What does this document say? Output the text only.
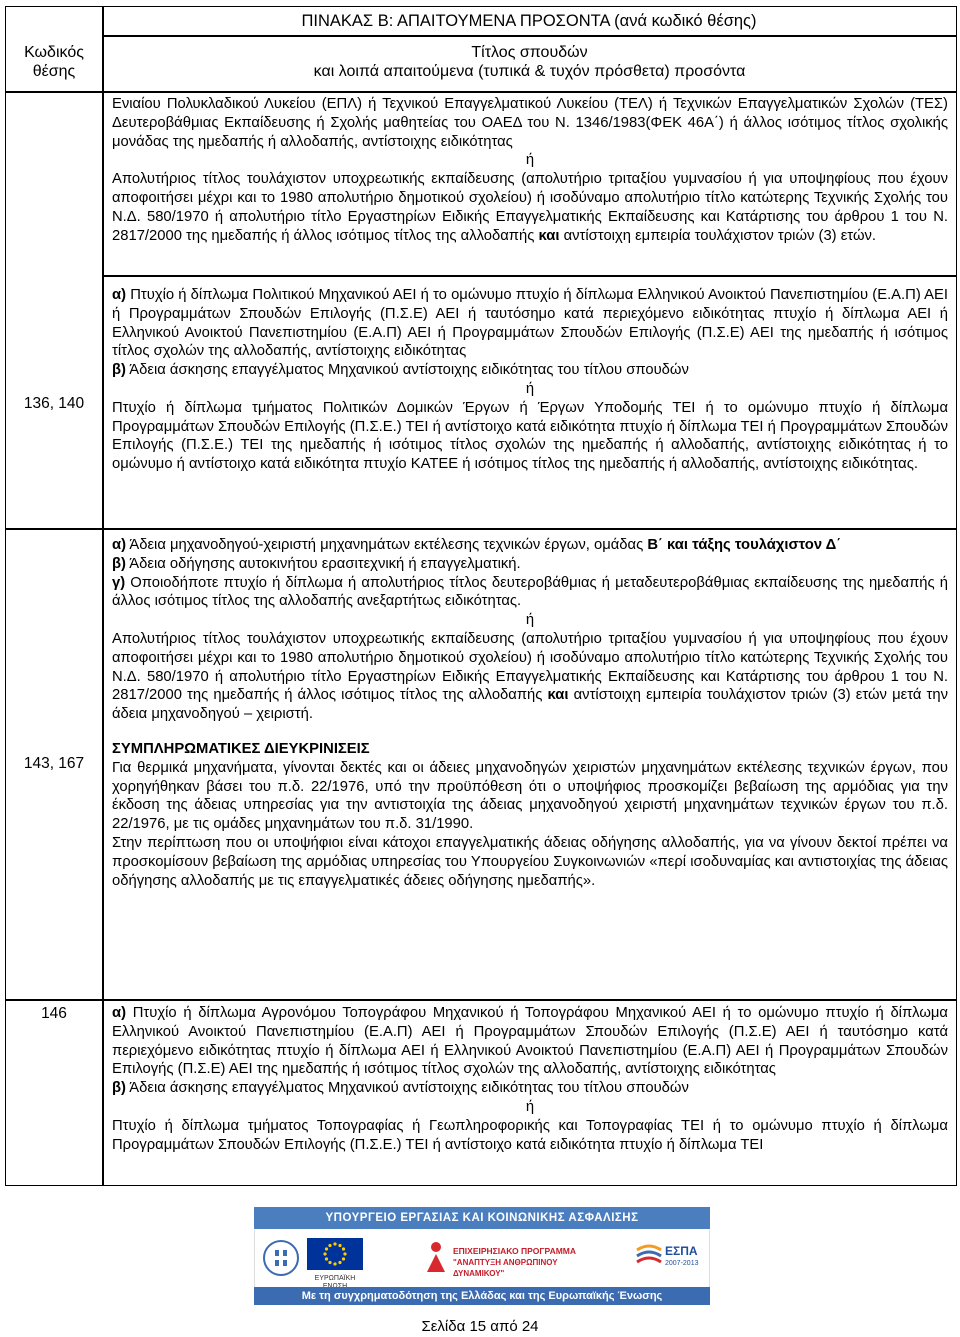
ΠΙΝΑΚΑΣ Β: ΑΠΑΙΤΟΥΜΕΝΑ ΠΡΟΣΟΝΤΑ (ανά κωδικό θέσης)
Κωδικός
θέσης
Τίτλος σπουδών
και λοιπά απαιτούμενα (τυπικά & τυχόν πρόσθετα) προσόντα

Ενιαίου Πολυκλαδικού Λυκείου (ΕΠΛ) ή Τεχνικού Επαγγελματικού Λυκείου (ΤΕΛ) ή Τεχνικών Επαγγελματικών Σχολών (ΤΕΣ) Δευτεροβάθμιας Εκπαίδευσης ή Σχολής μαθητείας του ΟΑΕΔ του Ν. 1346/1983(ΦΕΚ 46Α΄) ή άλλος ισότιμος τίτλος σχολικής μονάδας της ημεδαπής ή αλλοδαπής, αντίστοιχης ειδικότητας

ή

Απολυτήριος τίτλος τουλάχιστον υποχρεωτικής εκπαίδευσης (απολυτήριο τριταξίου γυμνασίου ή για υποψηφίους που έχουν αποφοιτήσει μέχρι και το 1980 απολυτήριο δημοτικού σχολείου) ή ισοδύναμο απολυτήριο τίτλο κατώτερης Τεχνικής Σχολής του Ν.Δ. 580/1970 ή απολυτήριο τίτλο Εργαστηρίων Ειδικής Επαγγελματικής Εκπαίδευσης και Κατάρτισης του άρθρου 1 του Ν. 2817/2000 της ημεδαπής ή άλλος ισότιμος τίτλος της αλλοδαπής και αντίστοιχη εμπειρία τουλάχιστον τριών (3) ετών.

136, 140

α) Πτυχίο ή δίπλωμα Πολιτικού Μηχανικού ΑΕΙ ή το ομώνυμο πτυχίο ή δίπλωμα Ελληνικού Ανοικτού Πανεπιστημίου (Ε.Α.Π) ΑΕΙ ή Προγραμμάτων Σπουδών Επιλογής (Π.Σ.Ε) ΑΕΙ ή ταυτόσημο κατά περιεχόμενο ειδικότητας πτυχίο ή δίπλωμα ΑΕΙ ή Ελληνικού Ανοικτού Πανεπιστημίου (Ε.Α.Π) ΑΕΙ ή Προγραμμάτων Σπουδών Επιλογής (Π.Σ.Ε) ΑΕΙ της ημεδαπής ή ισότιμος τίτλος σχολών της αλλοδαπής, αντίστοιχης ειδικότητας

β) Άδεια άσκησης επαγγέλματος Μηχανικού αντίστοιχης ειδικότητας του τίτλου σπουδών

ή

Πτυχίο ή δίπλωμα τμήματος Πολιτικών Δομικών Έργων ή Έργων Υποδομής ΤΕΙ ή το ομώνυμο πτυχίο ή δίπλωμα Προγραμμάτων Σπουδών Επιλογής (Π.Σ.Ε.) ΤΕΙ ή αντίστοιχο κατά ειδικότητα πτυχίο ή δίπλωμα ΤΕΙ ή Προγραμμάτων Σπουδών Επιλογής (Π.Σ.Ε.) ΤΕΙ της ημεδαπής ή ισότιμος τίτλος σχολών της ημεδαπής ή αλλοδαπής, αντίστοιχης ειδικότητας ή το ομώνυμο ή αντίστοιχο κατά ειδικότητα πτυχίο ΚΑΤΕΕ ή ισότιμος τίτλος της ημεδαπής ή αλλοδαπής, αντίστοιχης ειδικότητας.

143, 167

α) Άδεια μηχανοδηγού-χειριστή μηχανημάτων εκτέλεσης τεχνικών έργων, ομάδας Β΄ και τάξης τουλάχιστον Δ΄

β) Άδεια οδήγησης αυτοκινήτου ερασιτεχνική ή επαγγελματική.

γ) Οποιοδήποτε πτυχίο ή δίπλωμα ή απολυτήριος τίτλος δευτεροβάθμιας ή μεταδευτεροβάθμιας εκπαίδευσης της ημεδαπής ή άλλος ισότιμος τίτλος της αλλοδαπής ανεξαρτήτως ειδικότητας.

ή

Απολυτήριος τίτλος τουλάχιστον υποχρεωτικής εκπαίδευσης (απολυτήριο τριταξίου γυμνασίου ή για υποψηφίους που έχουν αποφοιτήσει μέχρι και το 1980 απολυτήριο δημοτικού σχολείου) ή ισοδύναμο απολυτήριο τίτλο κατώτερης Τεχνικής Σχολής του Ν.Δ. 580/1970 ή απολυτήριο τίτλο Εργαστηρίων Ειδικής Επαγγελματικής Εκπαίδευσης και Κατάρτισης του άρθρου 1 του Ν. 2817/2000 της ημεδαπής ή άλλος ισότιμος τίτλος της αλλοδαπής και αντίστοιχη εμπειρία τουλάχιστον τριών (3) ετών μετά την άδεια μηχανοδηγού – χειριστή.

ΣΥΜΠΛΗΡΩΜΑΤΙΚΕΣ ΔΙΕΥΚΡΙΝΙΣΕΙΣ

Για θερμικά μηχανήματα, γίνονται δεκτές και οι άδειες μηχανοδηγών χειριστών μηχανημάτων εκτέλεσης τεχνικών έργων, που χορηγήθηκαν βάσει του π.δ. 22/1976, υπό την προϋπόθεση ότι ο υποψήφιος προσκομίζει βεβαίωση της αρμόδιας για την έκδοση της άδειας υπηρεσίας για την αντιστοιχία της άδειας μηχανοδηγού χειριστή μηχανημάτων τεχνικών έργων του π.δ. 22/1976, με τις ομάδες μηχανημάτων του π.δ. 31/1990.

Στην περίπτωση που οι υποψήφιοι είναι κάτοχοι επαγγελματικής άδειας οδήγησης αλλοδαπής, για να γίνουν δεκτοί πρέπει να προσκομίσουν βεβαίωση της αρμόδιας υπηρεσίας του Υπουργείου Συγκοινωνιών «περί ισοδυναμίας και αντιστοιχίας της άδειας οδήγησης αλλοδαπής με τις επαγγελματικές άδειες οδήγησης ημεδαπής».

146	α) Πτυχίο ή δίπλωμα Αγρονόμου Τοπογράφου Μηχανικού ή Τοπογράφου Μηχανικού ΑΕΙ ή το ομώνυμο πτυχίο ή δίπλωμα Ελληνικού Ανοικτού Πανεπιστημίου (Ε.Α.Π) ΑΕΙ ή Προγραμμάτων Σπουδών Επιλογής (Π.Σ.Ε) ΑΕΙ ή ταυτόσημο κατά περιεχόμενο ειδικότητας πτυχίο ή δίπλωμα ΑΕΙ ή Ελληνικού Ανοικτού Πανεπιστημίου (Ε.Α.Π) ΑΕΙ ή Προγραμμάτων Σπουδών Επιλογής (Π.Σ.Ε) ΑΕΙ της ημεδαπής ή ισότιμος τίτλος σχολών της αλλοδαπής, αντίστοιχης ειδικότητας

β) Άδεια άσκησης επαγγέλματος Μηχανικού αντίστοιχης ειδικότητας του τίτλου σπουδών

ή

Πτυχίο ή δίπλωμα τμήματος Τοπογραφίας ή Γεωπληροφορικής και Τοπογραφίας ΤΕΙ ή το ομώνυμο πτυχίο ή δίπλωμα Προγραμμάτων Σπουδών Επιλογής (Π.Σ.Ε.) ΤΕΙ ή αντίστοιχο κατά ειδικότητα πτυχίο ή δίπλωμα ΤΕΙ

ΥΠΟΥΡΓΕΙΟ ΕΡΓΑΣΙΑΣ ΚΑΙ ΚΟΙΝΩΝΙΚΗΣ ΑΣΦΑΛΙΣΗΣ
ΕΥΡΩΠΑΪΚΗ
ΕΠΙΧΕΙΡΗΣΙΑΚΟ ΠΡΟΓΡΑΜΜΑ
"ΑΝΑΠΤΥΞΗ ΑΝΘΡΩΠΙΝΟΥ ΔΥΝΑΜΙΚΟΥ"
ΕΣΠΑ
2007-2013
Με τη συγχρηματοδότηση της Ελλάδας και της Ευρωπαϊκής Ένωσης
Σελίδα 15 από 24
